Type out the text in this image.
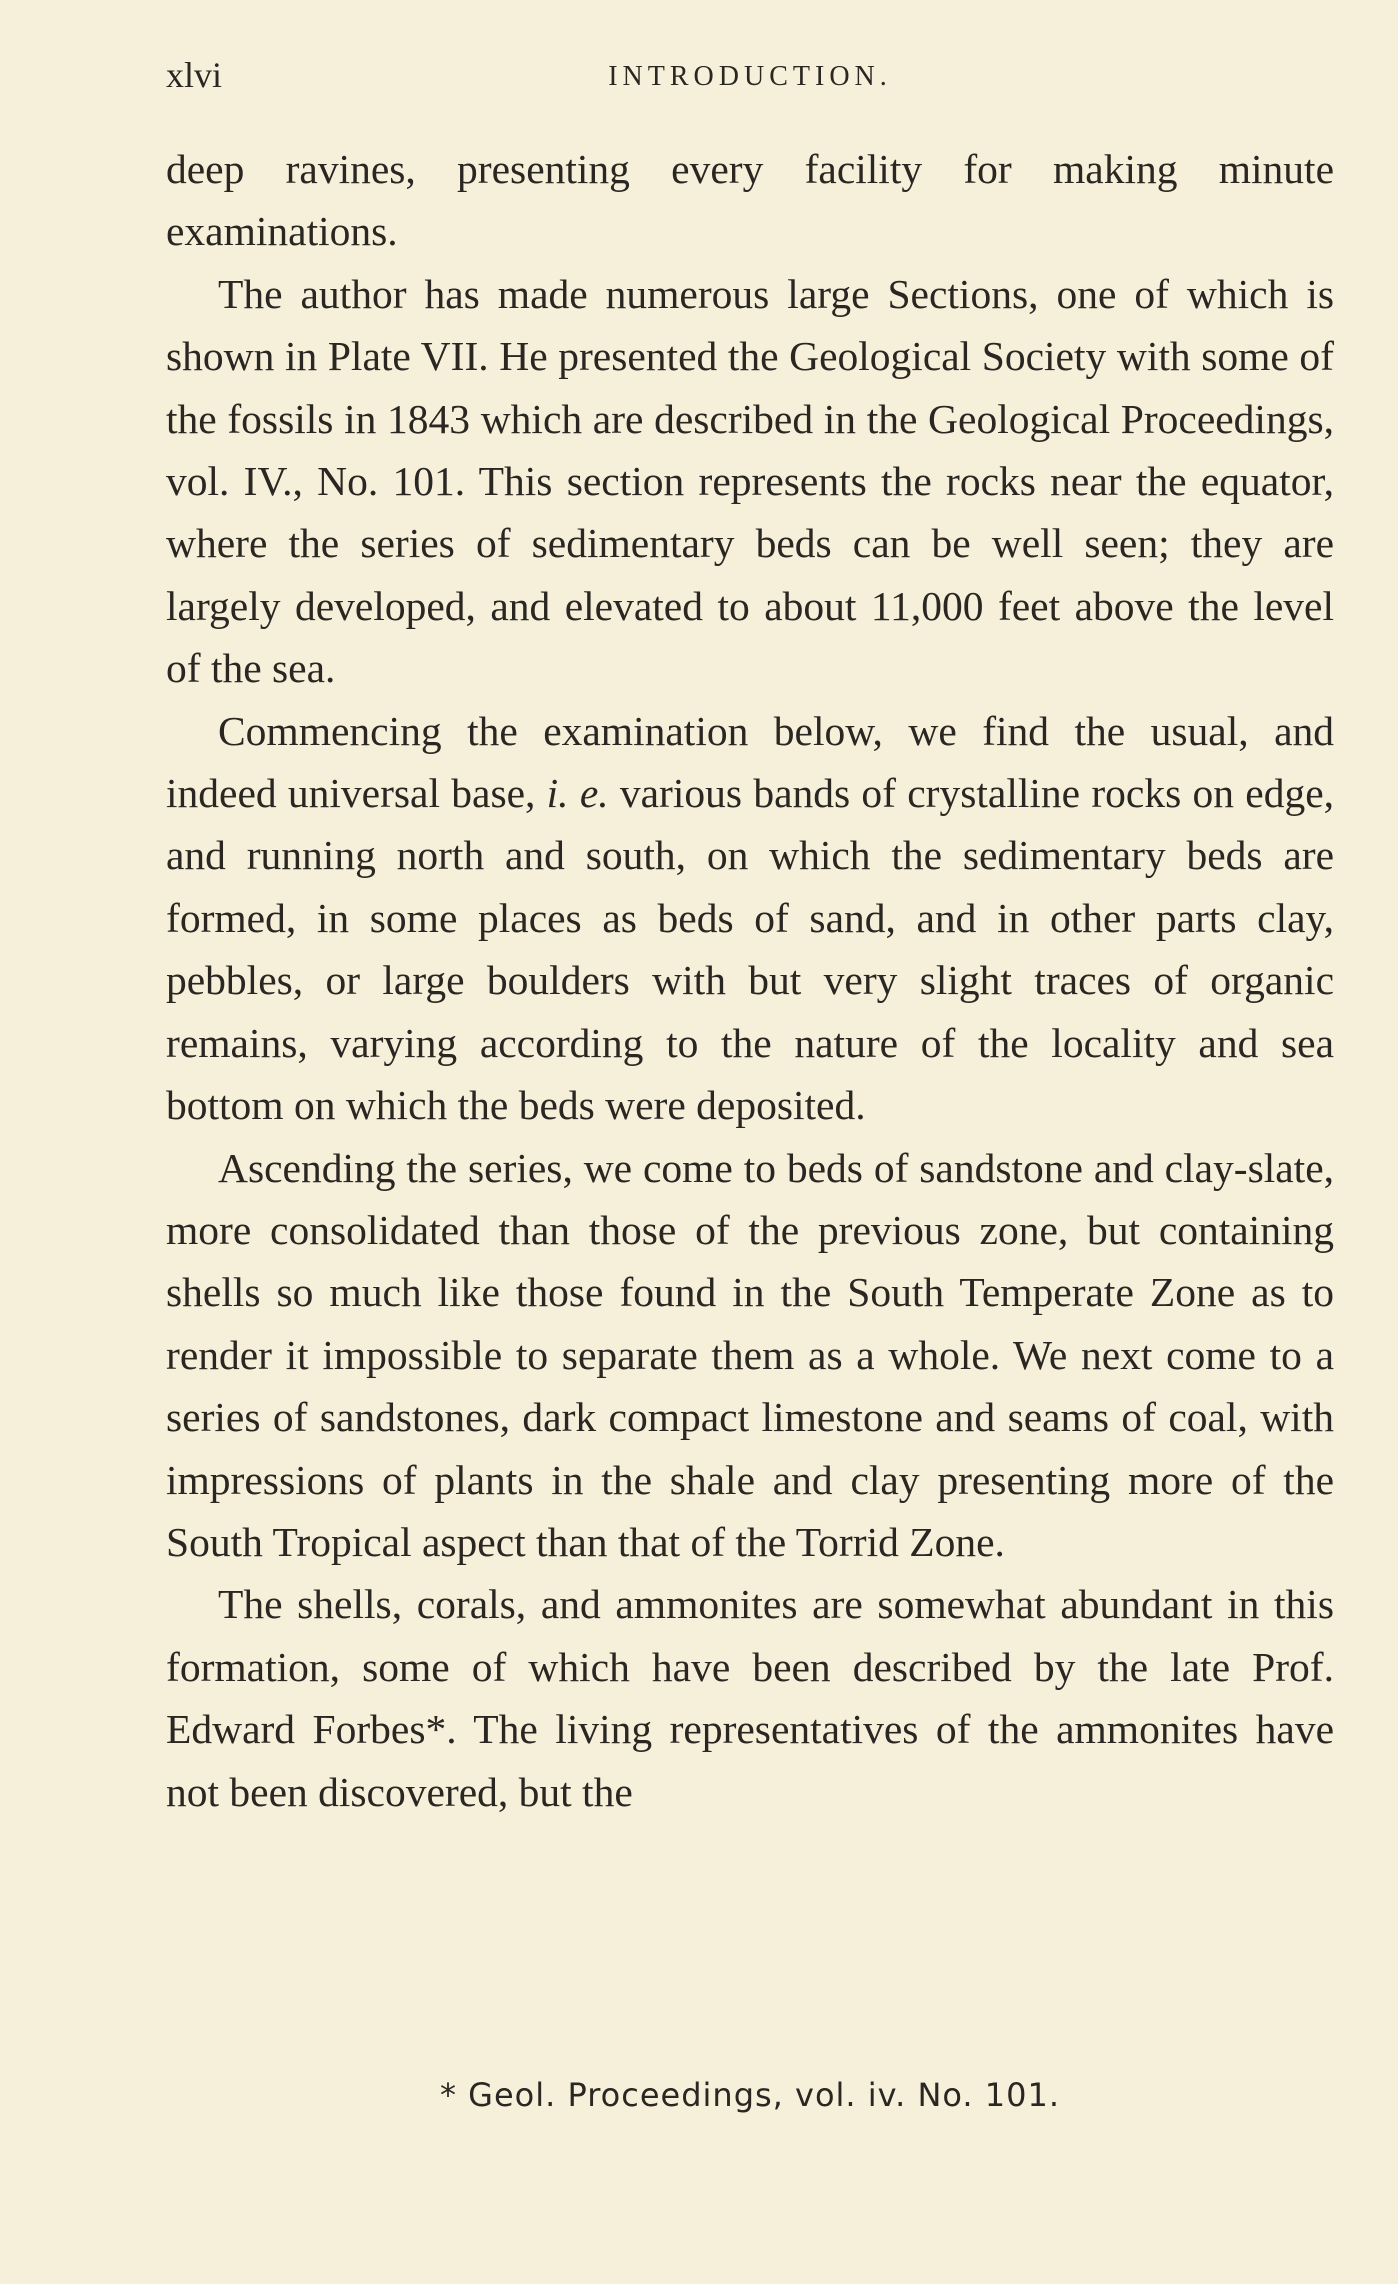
xlvi	INTRODUCTION.

deep ravines, presenting every facility for making minute examinations.

The author has made numerous large Sections, one of which is shown in Plate VII. He presented the Geological Society with some of the fossils in 1843 which are described in the Geological Proceedings, vol. IV., No. 101. This section represents the rocks near the equator, where the series of sedimentary beds can be well seen; they are largely developed, and elevated to about 11,000 feet above the level of the sea.

Commencing the examination below, we find the usual, and indeed universal base, i. e. various bands of crystalline rocks on edge, and running north and south, on which the sedimentary beds are formed, in some places as beds of sand, and in other parts clay, pebbles, or large boulders with but very slight traces of organic remains, varying according to the nature of the locality and sea bottom on which the beds were deposited.

Ascending the series, we come to beds of sandstone and clay-slate, more consolidated than those of the previous zone, but containing shells so much like those found in the South Temperate Zone as to render it impossible to separate them as a whole. We next come to a series of sandstones, dark compact limestone and seams of coal, with impressions of plants in the shale and clay presenting more of the South Tropical aspect than that of the Torrid Zone.

The shells, corals, and ammonites are somewhat abundant in this formation, some of which have been described by the late Prof. Edward Forbes*. The living representatives of the ammonites have not been discovered, but the

* Geol. Proceedings, vol. iv. No. 101.
